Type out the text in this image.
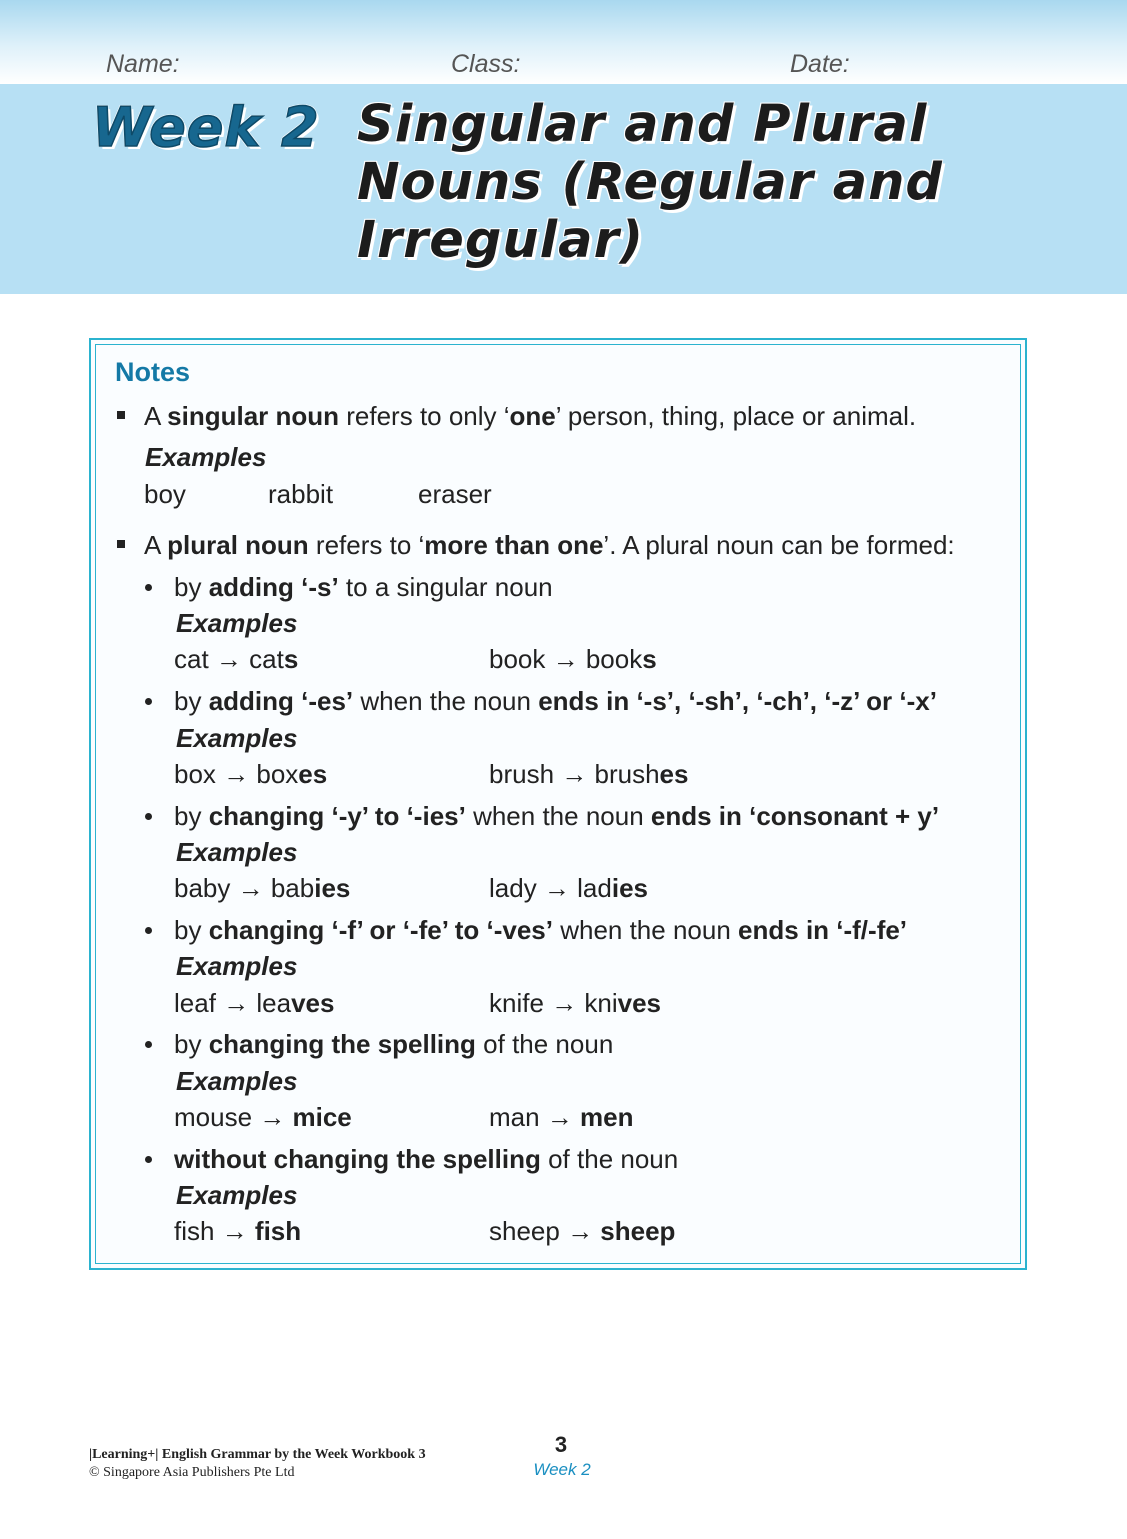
Name:	Class:	Date:
Week 2 Singular and Plural Nouns (Regular and Irregular)
Notes
A singular noun refers to only ‘one’ person, thing, place or animal.
Examples
boy	rabbit	eraser
A plural noun refers to ‘more than one’. A plural noun can be formed:
by adding ‘-s’ to a singular noun
Examples
cat → cats	book → books
by adding ‘-es’ when the noun ends in ‘-s’, ‘-sh’, ‘-ch’, ‘-z’ or ‘-x’
Examples
box → boxes	brush → brushes
by changing ‘-y’ to ‘-ies’ when the noun ends in ‘consonant + y’
Examples
baby → babies	lady → ladies
by changing ‘-f’ or ‘-fe’ to ‘-ves’ when the noun ends in ‘-f/-fe’
Examples
leaf → leaves	knife → knives
by changing the spelling of the noun
Examples
mouse → mice	man → men
without changing the spelling of the noun
Examples
fish → fish	sheep → sheep
|Learning+| English Grammar by the Week Workbook 3
© Singapore Asia Publishers Pte Ltd
3
Week 2
